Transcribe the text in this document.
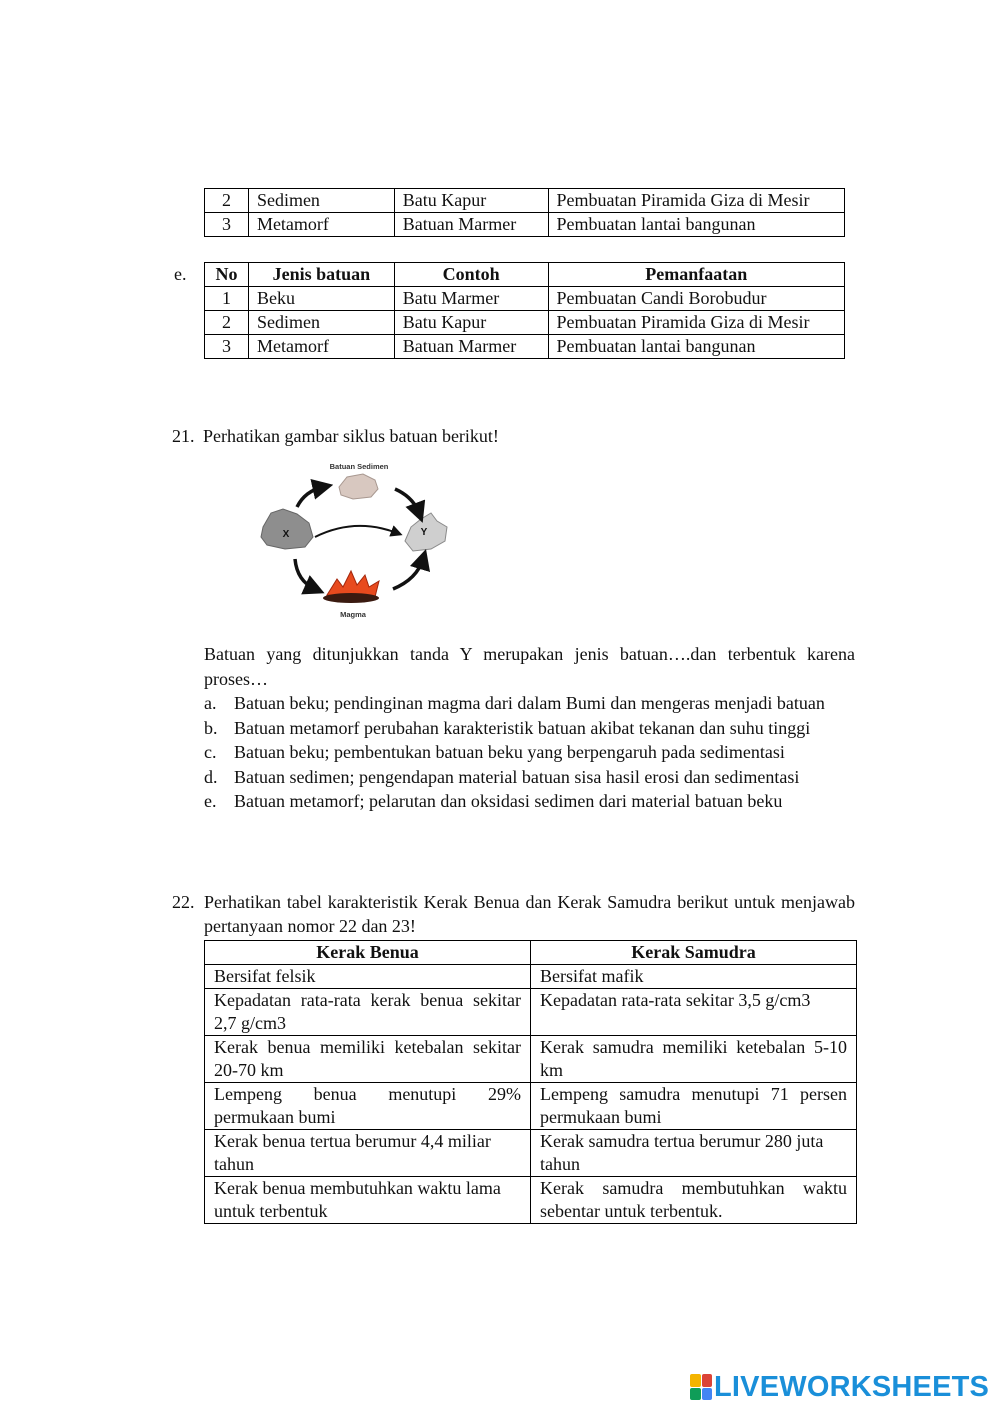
2	Sedimen	Batu Kapur	Pembuatan Piramida Giza di Mesir
3	Metamorf	Batuan Marmer	Pembuatan lantai bangunan
e. No	Jenis batuan	Contoh	Pemanfaatan
1	Beku	Batu Marmer	Pembuatan Candi Borobudur
2	Sedimen	Batu Kapur	Pembuatan Piramida Giza di Mesir
3	Metamorf	Batuan Marmer	Pembuatan lantai bangunan
21. Perhatikan gambar siklus batuan berikut!
Batuan Sedimen
X	Y
Magma
Batuan yang ditunjukkan tanda Y merupakan jenis batuan….dan terbentuk karena proses…
a. Batuan beku; pendinginan magma dari dalam Bumi dan mengeras menjadi batuan
b. Batuan metamorf perubahan karakteristik batuan akibat tekanan dan suhu tinggi
c. Batuan beku; pembentukan batuan beku yang berpengaruh pada sedimentasi
d. Batuan sedimen; pengendapan material batuan sisa hasil erosi dan sedimentasi
e. Batuan metamorf; pelarutan dan oksidasi sedimen dari material batuan beku
22. Perhatikan tabel karakteristik Kerak Benua dan Kerak Samudra berikut untuk menjawab pertanyaan nomor 22 dan 23!
Kerak Benua	Kerak Samudra
Bersifat felsik	Bersifat mafik
Kepadatan rata-rata kerak benua sekitar 2,7 g/cm3	Kepadatan rata-rata sekitar 3,5 g/cm3
Kerak benua memiliki ketebalan sekitar 20-70 km	Kerak samudra memiliki ketebalan 5-10 km
Lempeng benua menutupi 29% permukaan bumi	Lempeng samudra menutupi 71 persen permukaan bumi
Kerak benua tertua berumur 4,4 miliar tahun	Kerak samudra tertua berumur 280 juta tahun
Kerak benua membutuhkan waktu lama untuk terbentuk	Kerak samudra membutuhkan waktu sebentar untuk terbentuk.
LIVEWORKSHEETS
